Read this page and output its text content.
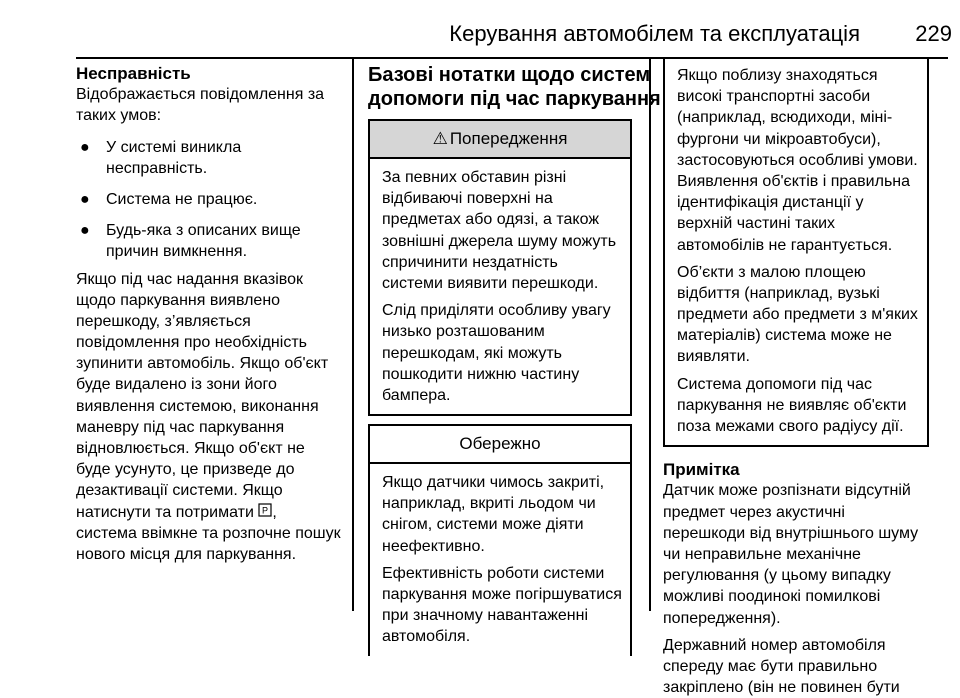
Керування автомобілем та експлуатація	229
Несправність
Відображається повідомлення за
таких умов:
● У системі виникла
несправність.
● Система не працює.
● Будь-яка з описаних вище
причин вимкнення.
Якщо під час надання вказівок
щодо паркування виявлено
перешкоду, з’являється
повідомлення про необхідність
зупинити автомобіль. Якщо об'єкт
буде видалено із зони його
виявлення системою, виконання
маневру під час паркування
відновлюється. Якщо об'єкт не
буде усунуто, це призведе до
дезактивації системи. Якщо
натиснути та потримати P ,
система ввімкне та розпочне пошук
нового місця для паркування.
Базові нотатки щодо систем
допомоги під час паркування
⚠ Попередження
За певних обставин різні
відбиваючі поверхні на
предметах або одязі, а також
зовнішні джерела шуму можуть
спричинити нездатність
системи виявити перешкоди.
Слід приділяти особливу увагу
низько розташованим
перешкодам, які можуть
пошкодити нижню частину
бампера.
Обережно
Якщо датчики чимось закриті,
наприклад, вкриті льодом чи
снігом, системи може діяти
неефективно.
Ефективність роботи системи
паркування може погіршуватися
при значному навантаженні
автомобіля.
Якщо поблизу знаходяться
високі транспортні засоби
(наприклад, всюдиходи, міні-
фургони чи мікроавтобуси),
застосовуються особливі умови.
Виявлення об'єктів і правильна
ідентифікація дистанції у
верхній частині таких
автомобілів не гарантується.
Об’єкти з малою площею
відбиття (наприклад, вузькі
предмети або предмети з м'яких
матеріалів) система може не
виявляти.
Система допомоги під час
паркування не виявляє об'єкти
поза межами свого радіусу дії.
Примітка
Датчик може розпізнати відсутній
предмет через акустичні
перешкоди від внутрішнього шуму
чи неправильне механічне
регулювання (у цьому випадку
можливі поодинокі помилкові
попередження).
Державний номер автомобіля
спереду має бути правильно
закріплено (він не повинен бути
